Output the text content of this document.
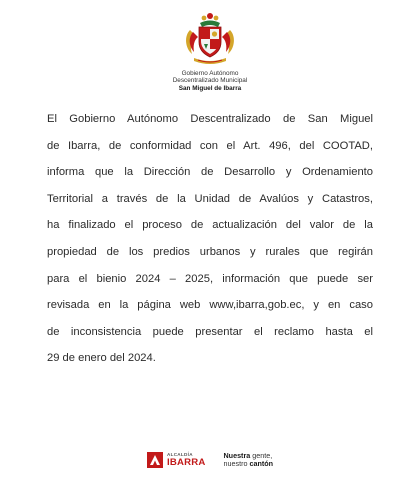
Gobierno Autónomo
Descentralizado Municipal
San Miguel de Ibarra
El Gobierno Autónomo Descentralizado de San Miguel
de Ibarra, de conformidad con el Art. 496, del COOTAD,
informa que la Dirección de Desarrollo y Ordenamiento
Territorial a través de la Unidad de Avalúos y Catastros,
ha finalizado el proceso de actualización del valor de la
propiedad de los predios urbanos y rurales que regirán
para el bienio 2024 – 2025, información que puede ser
revisada en la página web www,ibarra,gob.ec, y en caso
de inconsistencia puede presentar el reclamo hasta el
29 de enero del 2024.
ALCALDÍA
IBARRA
Nuestra gente,
nuestro cantón
